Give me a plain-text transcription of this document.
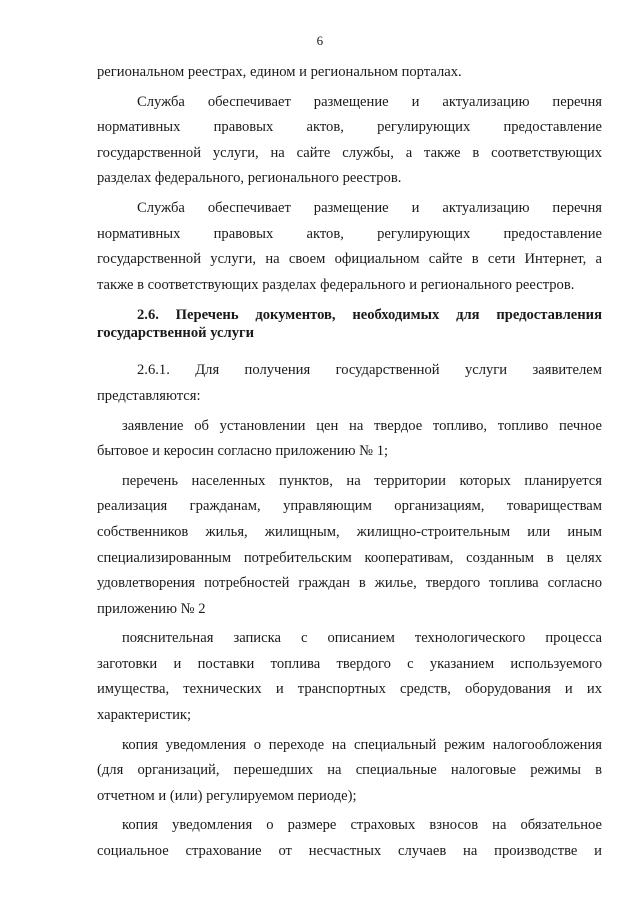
6
региональном реестрах, едином и региональном порталах.
Служба обеспечивает размещение и актуализацию перечня
нормативных правовых актов, регулирующих предоставление
государственной услуги, на сайте службы, а также в соответствующих
разделах федерального, регионального реестров.
Служба обеспечивает размещение и актуализацию перечня
нормативных правовых актов, регулирующих предоставление
государственной услуги, на своем официальном сайте в сети Интернет, а
также в соответствующих разделах федерального и регионального реестров.
2.6. Перечень документов, необходимых для предоставления
государственной услуги
2.6.1. Для получения государственной услуги заявителем
представляются:
заявление об установлении цен на твердое топливо, топливо печное
бытовое и керосин согласно приложению № 1;
перечень населенных пунктов, на территории которых планируется
реализация гражданам, управляющим организациям, товариществам
собственников жилья, жилищным, жилищно-строительным или иным
специализированным потребительским кооперативам, созданным в целях
удовлетворения потребностей граждан в жилье, твердого топлива согласно
приложению № 2
пояснительная записка с описанием технологического процесса
заготовки и поставки топлива твердого с указанием используемого
имущества, технических и транспортных средств, оборудования и их
характеристик;
копия уведомления о переходе на специальный режим налогообложения
(для организаций, перешедших на специальные налоговые режимы в
отчетном и (или) регулируемом периоде);
копия уведомления о размере страховых взносов на обязательное
социальное страхование от несчастных случаев на производстве и
